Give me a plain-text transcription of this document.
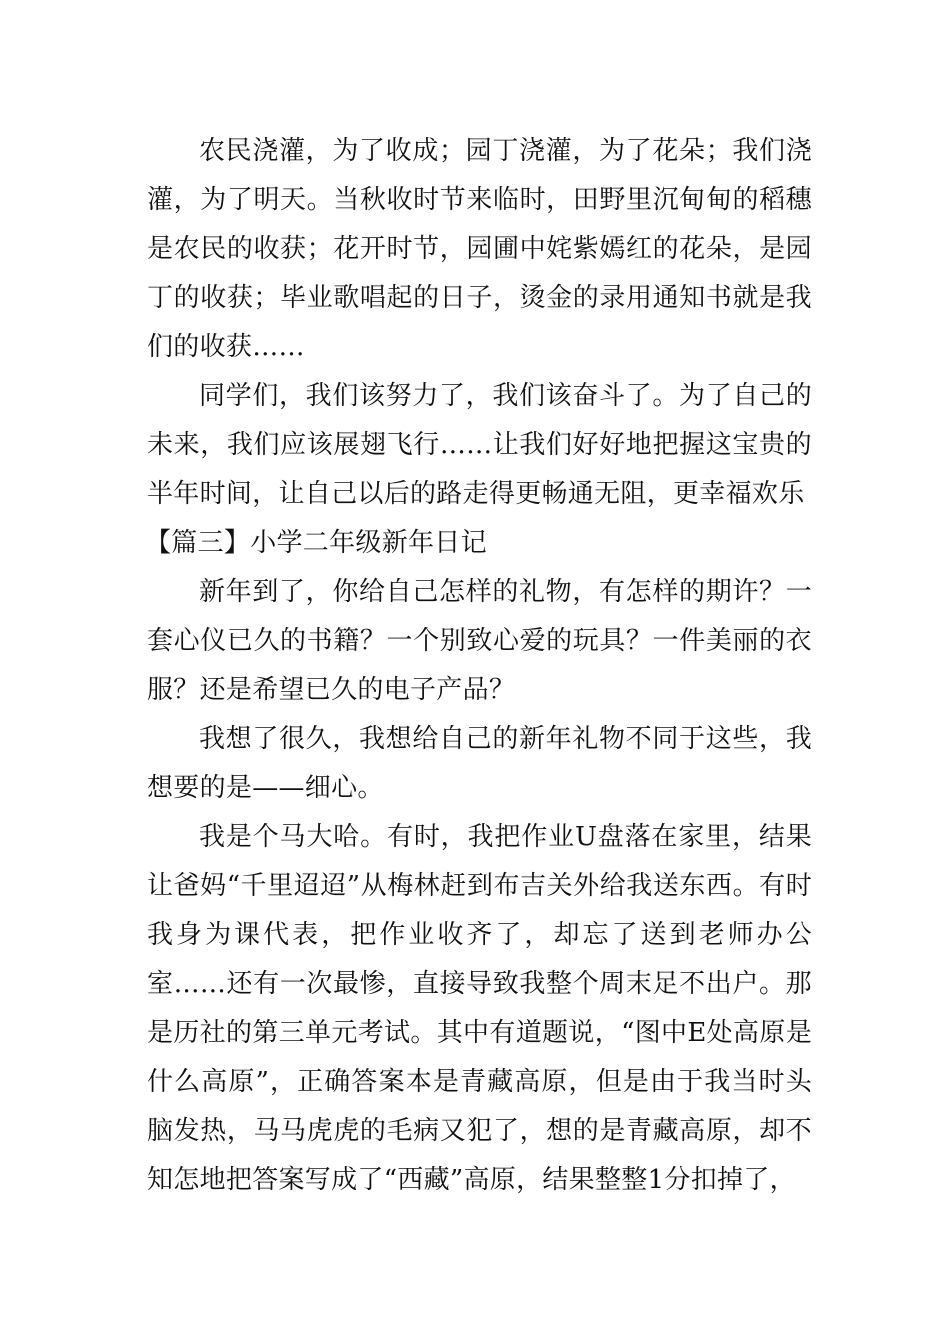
农民浇灌，为了收成；园丁浇灌，为了花朵；我们浇灌，为了明天。当秋收时节来临时，田野里沉甸甸的稻穗是农民的收获；花开时节，园圃中姹紫嫣红的花朵，是园丁的收获；毕业歌唱起的日子，烫金的录用通知书就是我们的收获……

同学们，我们该努力了，我们该奋斗了。为了自己的未来，我们应该展翅飞行……让我们好好地把握这宝贵的半年时间，让自己以后的路走得更畅通无阻，更幸福欢乐

【篇三】小学二年级新年日记

新年到了，你给自己怎样的礼物，有怎样的期许？一套心仪已久的书籍？一个别致心爱的玩具？一件美丽的衣服？还是希望已久的电子产品？

我想了很久，我想给自己的新年礼物不同于这些，我想要的是——细心。

我是个马大哈。有时，我把作业U盘落在家里，结果让爸妈“千里迢迢”从梅林赶到布吉关外给我送东西。有时我身为课代表，把作业收齐了，却忘了送到老师办公室……还有一次最惨，直接导致我整个周末足不出户。那是历社的第三单元考试。其中有道题说，“图中E处高原是什么高原”，正确答案本是青藏高原，但是由于我当时头脑发热，马马虎虎的毛病又犯了，想的是青藏高原，却不知怎地把答案写成了“西藏”高原，结果整整1分扣掉了，
